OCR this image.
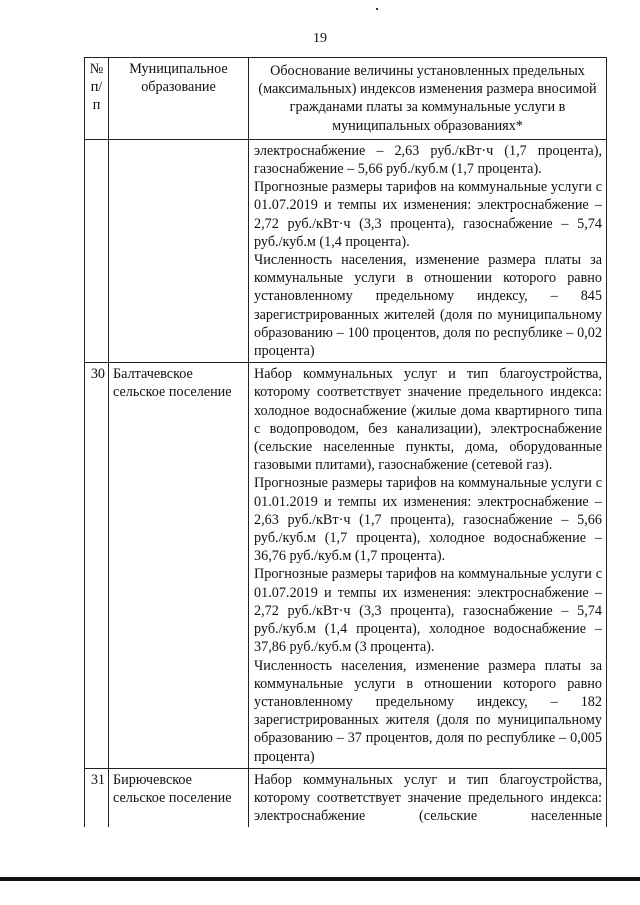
19
№ п/п
Муниципальное образование
Обоснование величины установленных предельных (максимальных) индексов изменения размера вносимой гражданами платы за коммунальные услуги в муниципальных образованиях*

электроснабжение – 2,63 руб./кВт·ч (1,7 процента), газоснабжение – 5,66 руб./куб.м (1,7 процента).

Прогнозные размеры тарифов на коммунальные услуги с 01.07.2019 и темпы их изменения: электроснабжение – 2,72 руб./кВт·ч (3,3 процента), газоснабжение – 5,74 руб./куб.м (1,4 процента).

Численность населения, изменение размера платы за коммунальные услуги в отношении которого равно установленному предельному индексу, – 845 зарегистрированных жителей (доля по муниципальному образованию – 100 процентов, доля по республике – 0,02 процента)

30 Балтачевское сельское поселение

Набор коммунальных услуг и тип благоустройства, которому соответствует значение предельного индекса: холодное водоснабжение (жилые дома квартирного типа с водопроводом, без канализации), электроснабжение (сельские населенные пункты, дома, оборудованные газовыми плитами), газоснабжение (сетевой газ).

Прогнозные размеры тарифов на коммунальные услуги с 01.01.2019 и темпы их изменения: электроснабжение – 2,63 руб./кВт·ч (1,7 процента), газоснабжение – 5,66 руб./куб.м (1,7 процента), холодное водоснабжение – 36,76 руб./куб.м (1,7 процента).

Прогнозные размеры тарифов на коммунальные услуги с 01.07.2019 и темпы их изменения: электроснабжение – 2,72 руб./кВт·ч (3,3 процента), газоснабжение – 5,74 руб./куб.м (1,4 процента), холодное водоснабжение – 37,86 руб./куб.м (3 процента).

Численность населения, изменение размера платы за коммунальные услуги в отношении которого равно установленному предельному индексу, – 182 зарегистрированных жителя (доля по муниципальному образованию – 37 процентов, доля по республике – 0,005 процента)

31 Бирючевское сельское поселение

Набор коммунальных услуг и тип благоустройства, которому соответствует значение предельного индекса: электроснабжение (сельские населенные
